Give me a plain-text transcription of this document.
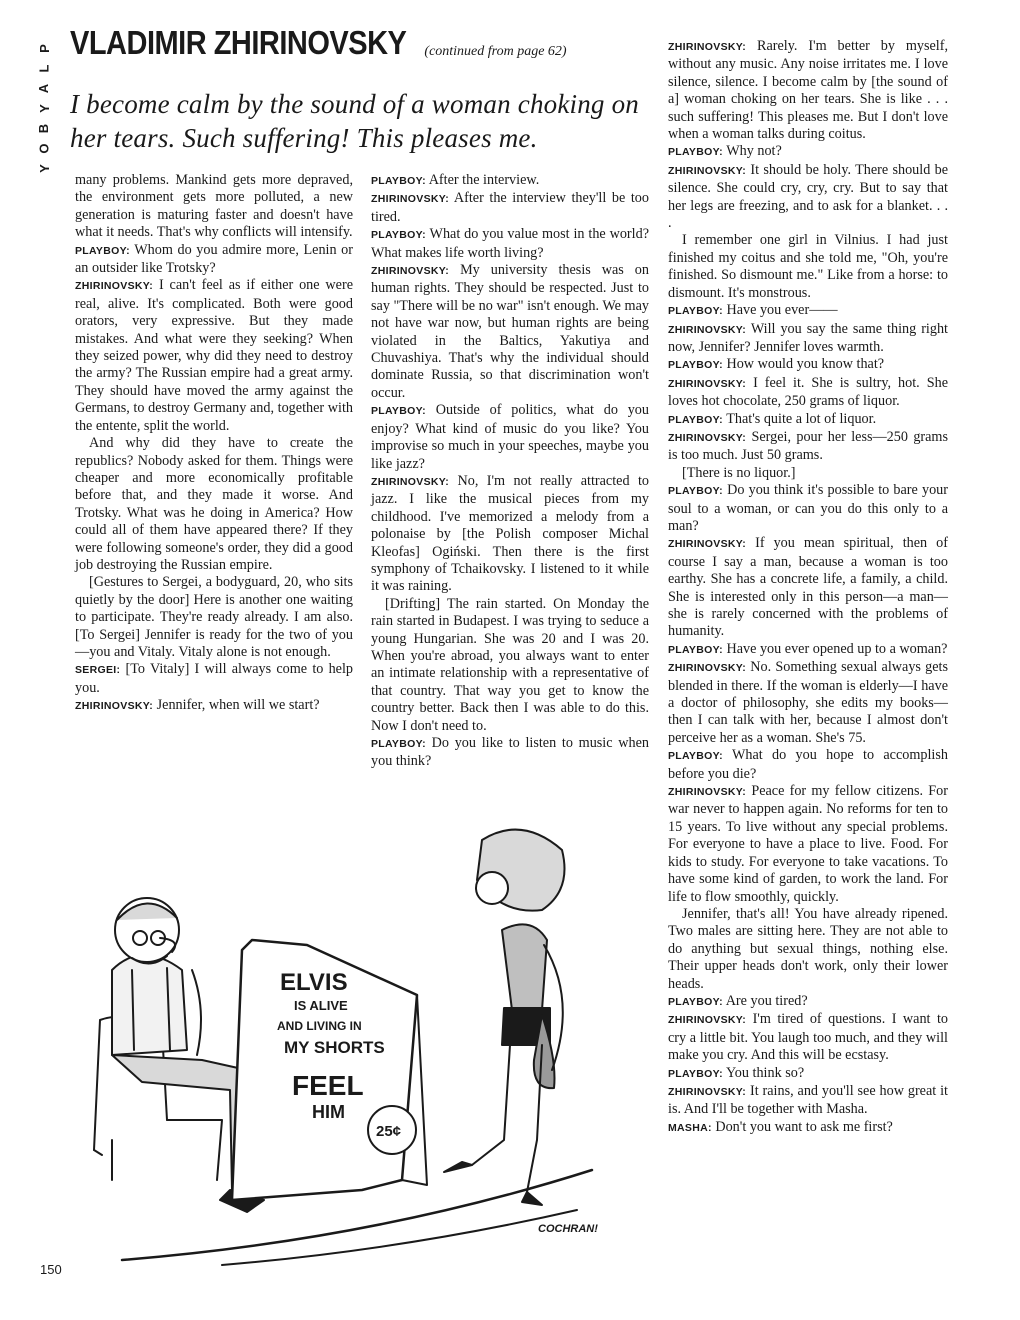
P
L
A
Y
B
O
Y
VLADIMIR ZHIRINOVSKY (continued from page 62)
I become calm by the sound of a woman choking on her tears. Such suffering! This pleases me.

many problems. Mankind gets more depraved, the environment gets more polluted, a new generation is maturing faster and doesn't have what it needs. That's why conflicts will intensify.

PLAYBOY: Whom do you admire more, Lenin or an outsider like Trotsky?

ZHIRINOVSKY: I can't feel as if either one were real, alive. It's complicated. Both were good orators, very expressive. But they made mistakes. And what were they seeking? When they seized power, why did they need to destroy the army? The Russian empire had a great army. They should have moved the army against the Germans, to destroy Germany and, together with the entente, split the world.

And why did they have to create the republics? Nobody asked for them. Things were cheaper and more economically profitable before that, and they made it worse. And Trotsky. What was he doing in America? How could all of them have appeared there? If they were following someone's order, they did a good job destroying the Russian empire.

[Gestures to Sergei, a bodyguard, 20, who sits quietly by the door] Here is another one waiting to participate. They're ready already. I am also. [To Sergei] Jennifer is ready for the two of you—you and Vitaly. Vitaly alone is not enough.

SERGEI: [To Vitaly] I will always come to help you.

ZHIRINOVSKY: Jennifer, when will we start?

PLAYBOY: After the interview.

ZHIRINOVSKY: After the interview they'll be too tired.

PLAYBOY: What do you value most in the world? What makes life worth living?

ZHIRINOVSKY: My university thesis was on human rights. They should be respected. Just to say "There will be no war" isn't enough. We may not have war now, but human rights are being violated in the Baltics, Yakutiya and Chuvashiya. That's why the individual should dominate Russia, so that discrimination won't occur.

PLAYBOY: Outside of politics, what do you enjoy? What kind of music do you like? You improvise so much in your speeches, maybe you like jazz?

ZHIRINOVSKY: No, I'm not really attracted to jazz. I like the musical pieces from my childhood. I've memorized a melody from a polonaise by [the Polish composer Michal Kleofas] Ogiński. Then there is the first symphony of Tchaikovsky. I listened to it while it was raining.

[Drifting] The rain started. On Monday the rain started in Budapest. I was trying to seduce a young Hungarian. She was 20 and I was 20. When you're abroad, you always want to enter an intimate relationship with a representative of that country. That way you get to know the country better. Back then I was able to do this. Now I don't need to.

PLAYBOY: Do you like to listen to music when you think?

ZHIRINOVSKY: Rarely. I'm better by myself, without any music. Any noise irritates me. I love silence, silence. I become calm by [the sound of a] woman choking on her tears. She is like . . . such suffering! This pleases me. But I don't love when a woman talks during coitus.

PLAYBOY: Why not?

ZHIRINOVSKY: It should be holy. There should be silence. She could cry, cry, cry. But to say that her legs are freezing, and to ask for a blanket. . . .

I remember one girl in Vilnius. I had just finished my coitus and she told me, "Oh, you're finished. So dismount me." Like from a horse: to dismount. It's monstrous.

PLAYBOY: Have you ever——

ZHIRINOVSKY: Will you say the same thing right now, Jennifer? Jennifer loves warmth.

PLAYBOY: How would you know that?

ZHIRINOVSKY: I feel it. She is sultry, hot. She loves hot chocolate, 250 grams of liquor.

PLAYBOY: That's quite a lot of liquor.

ZHIRINOVSKY: Sergei, pour her less—250 grams is too much. Just 50 grams.

[There is no liquor.]

PLAYBOY: Do you think it's possible to bare your soul to a woman, or can you do this only to a man?

ZHIRINOVSKY: If you mean spiritual, then of course I say a man, because a woman is too earthy. She has a concrete life, a family, a child. She is interested only in this person—a man—she is rarely concerned with the problems of humanity.

PLAYBOY: Have you ever opened up to a woman?

ZHIRINOVSKY: No. Something sexual always gets blended in there. If the woman is elderly—I have a doctor of philosophy, she edits my books—then I can talk with her, because I almost don't perceive her as a woman. She's 75.

PLAYBOY: What do you hope to accomplish before you die?

ZHIRINOVSKY: Peace for my fellow citizens. For war never to happen again. No reforms for ten to 15 years. To live without any special problems. For everyone to have a place to live. Food. For kids to study. For everyone to take vacations. To have some kind of garden, to work the land. For life to flow smoothly, quickly.

Jennifer, that's all! You have already ripened. Two males are sitting here. They are not able to do anything but sexual things, nothing else. Their upper heads don't work, only their lower heads.

PLAYBOY: Are you tired?

ZHIRINOVSKY: I'm tired of questions. I want to cry a little bit. You laugh too much, and they will make you cry. And this will be ecstasy.

PLAYBOY: You think so?

ZHIRINOVSKY: It rains, and you'll see how great it is. And I'll be together with Masha.

MASHA: Don't you want to ask me first?

ELVIS
IS ALIVE
AND LIVING IN
MY SHORTS
FEEL
HIM
25¢
COCHRAN!
150
